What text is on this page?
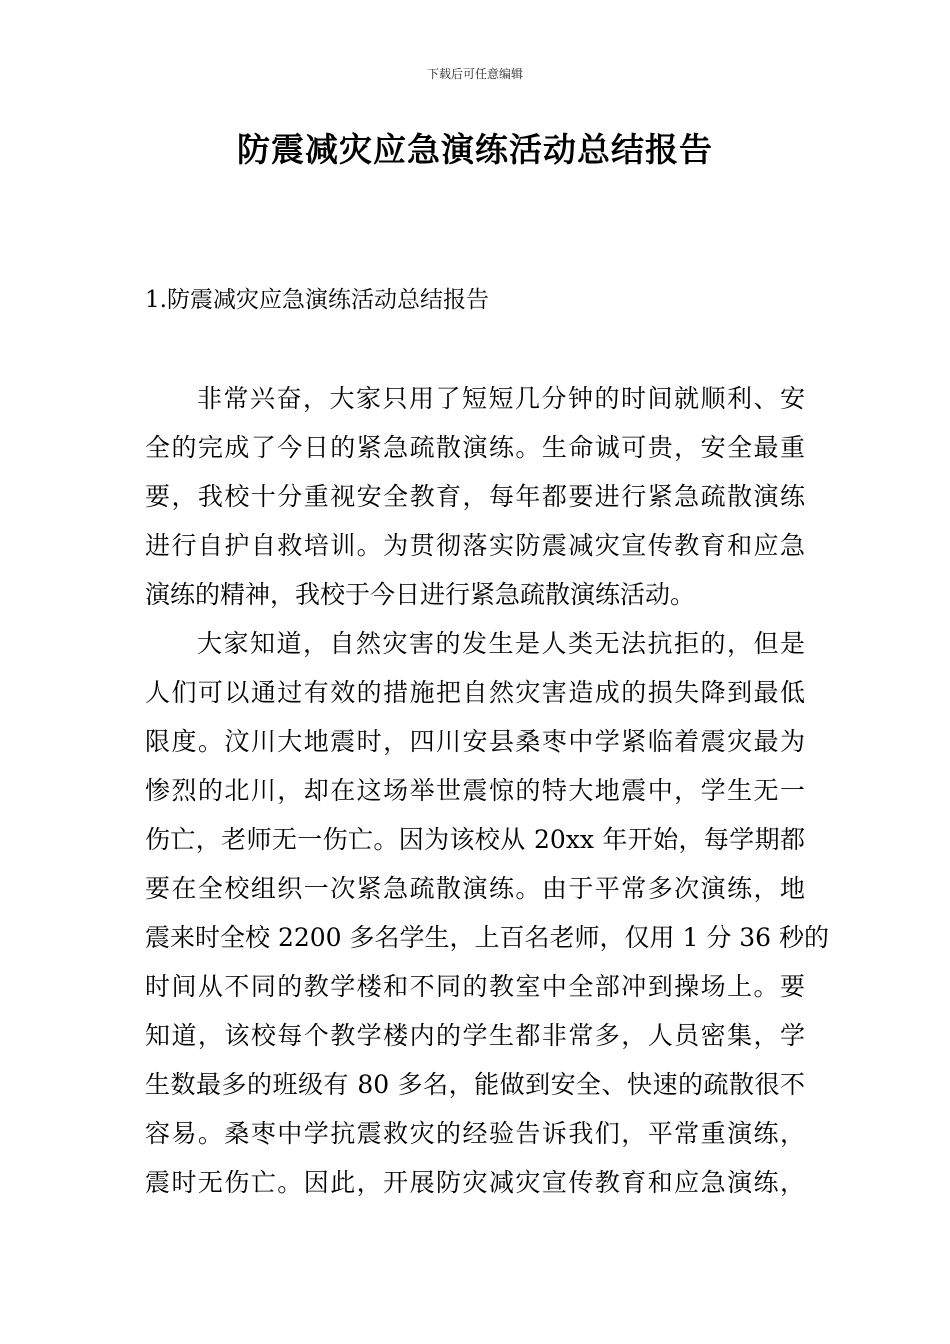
下载后可任意编辑
防震减灾应急演练活动总结报告
1.防震减灾应急演练活动总结报告
非常兴奋，大家只用了短短几分钟的时间就顺利、安
全的完成了今日的紧急疏散演练。生命诚可贵，安全最重
要，我校十分重视安全教育，每年都要进行紧急疏散演练
进行自护自救培训。为贯彻落实防震减灾宣传教育和应急
演练的精神，我校于今日进行紧急疏散演练活动。
大家知道，自然灾害的发生是人类无法抗拒的，但是
人们可以通过有效的措施把自然灾害造成的损失降到最低
限度。汶川大地震时，四川安县桑枣中学紧临着震灾最为
惨烈的北川，却在这场举世震惊的特大地震中，学生无一
伤亡，老师无一伤亡。因为该校从 20xx 年开始，每学期都
要在全校组织一次紧急疏散演练。由于平常多次演练，地
震来时全校 2200 多名学生，上百名老师，仅用 1 分 36 秒的
时间从不同的教学楼和不同的教室中全部冲到操场上。要
知道，该校每个教学楼内的学生都非常多，人员密集，学
生数最多的班级有 80 多名，能做到安全、快速的疏散很不
容易。桑枣中学抗震救灾的经验告诉我们，平常重演练，
震时无伤亡。因此，开展防灾减灾宣传教育和应急演练，
